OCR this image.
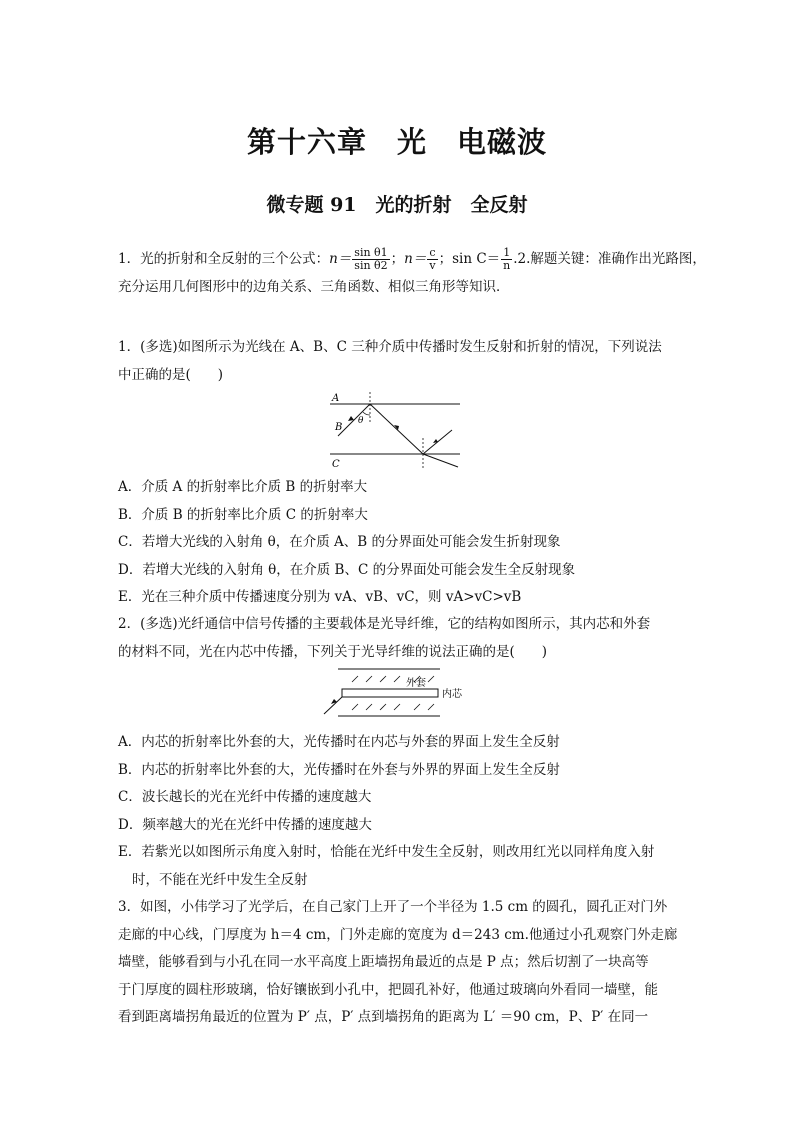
第十六章　光　电磁波
微专题 91　光的折射　全反射
1．光的折射和全反射的三个公式：$n= \frac{\text{sin θ1}}{\text{sin θ2}}$ ；$n= \frac{c}{v}$ ；$\sin C= \frac{1}{n} .2$.解题关键：准确作出光路图，
充分运用几何图形中的边角关系、三角函数、相似三角形等知识．
1．(多选)如图所示为光线在 A、B、C 三种介质中传播时发生反射和折射的情况，下列说法
中正确的是(　　)
A
B
C
θ
A．介质 A 的折射率比介质 B 的折射率大
B．介质 B 的折射率比介质 C 的折射率大
C．若增大光线的入射角 θ，在介质 A、B 的分界面处可能会发生折射现象
D．若增大光线的入射角 θ，在介质 B、C 的分界面处可能会发生全反射现象
E．光在三种介质中传播速度分别为 vA、vB、vC，则 vA>vC>vB
2．(多选)光纤通信中信号传播的主要载体是光导纤维，它的结构如图所示，其内芯和外套
的材料不同，光在内芯中传播，下列关于光导纤维的说法正确的是(　　)
外套
内芯
A．内芯的折射率比外套的大，光传播时在内芯与外套的界面上发生全反射
B．内芯的折射率比外套的大，光传播时在外套与外界的界面上发生全反射
C．波长越长的光在光纤中传播的速度越大
D．频率越大的光在光纤中传播的速度越大
E．若紫光以如图所示角度入射时，恰能在光纤中发生全反射，则改用红光以同样角度入射
时，不能在光纤中发生全反射
3．如图，小伟学习了光学后，在自己家门上开了一个半径为 1.5 cm 的圆孔，圆孔正对门外
走廊的中心线，门厚度为 h＝4 cm，门外走廊的宽度为 d＝243 cm.他通过小孔观察门外走廊
墙壁，能够看到与小孔在同一水平高度上距墙拐角最近的点是 P 点；然后切割了一块高等
于门厚度的圆柱形玻璃，恰好镶嵌到小孔中，把圆孔补好，他通过玻璃向外看同一墙壁，能
看到距离墙拐角最近的位置为 P′ 点，P′ 点到墙拐角的距离为 L′ ＝90 cm，P、P′ 在同一
